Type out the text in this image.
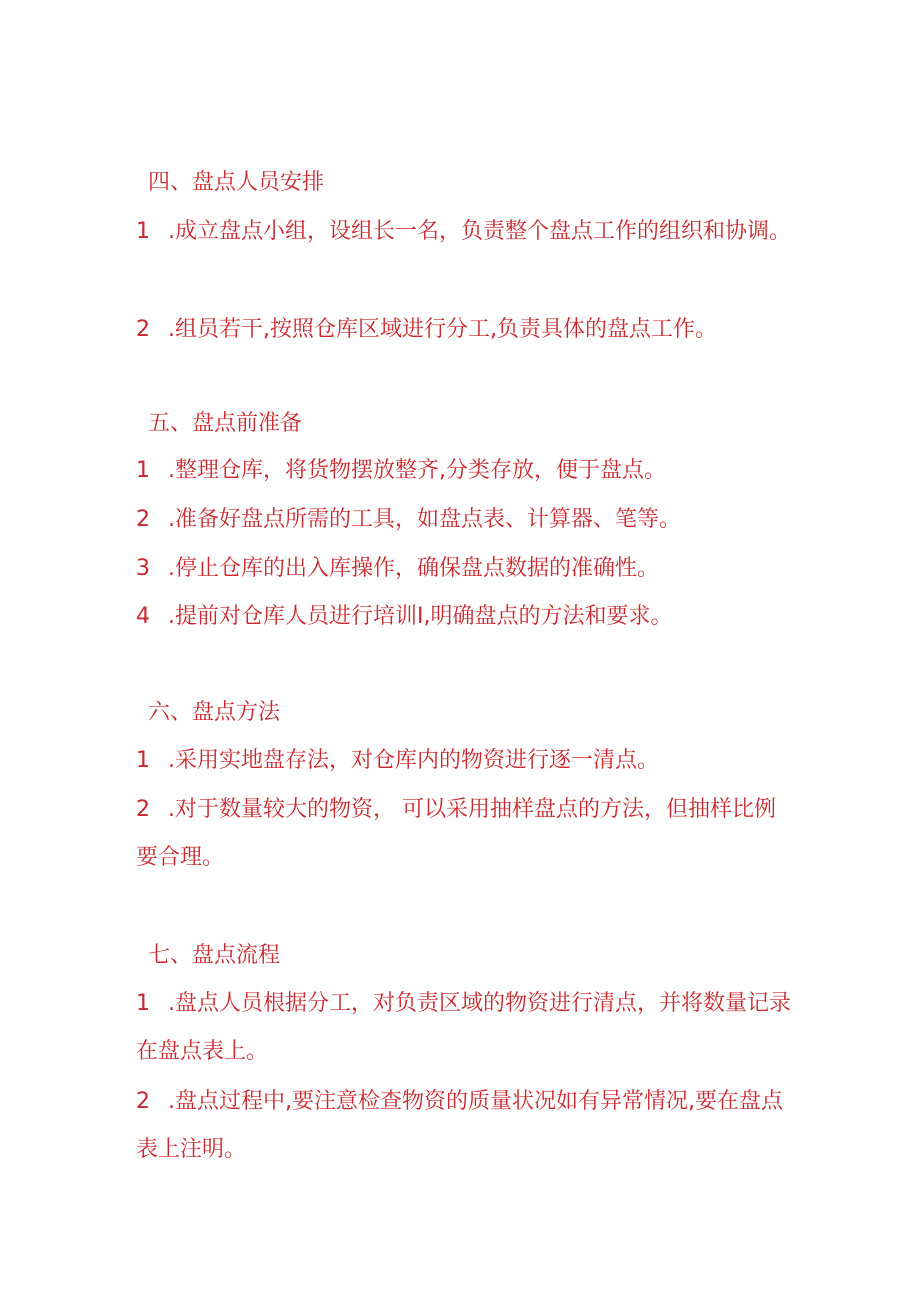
四、盘点人员安排
1 .成立盘点小组，设组长一名，负责整个盘点工作的组织和协调。
2 .组员若干,按照仓库区域进行分工,负责具体的盘点工作。
五、盘点前准备
1 .整理仓库，将货物摆放整齐,分类存放，便于盘点。
2 .准备好盘点所需的工具，如盘点表、计算器、笔等。
3 .停止仓库的出入库操作，确保盘点数据的准确性。
4 .提前对仓库人员进行培训I,明确盘点的方法和要求。
六、盘点方法
1 .采用实地盘存法，对仓库内的物资进行逐一清点。
2 .对于数量较大的物资， 可以采用抽样盘点的方法，但抽样比例要合理。
七、盘点流程
1 .盘点人员根据分工，对负责区域的物资进行清点，并将数量记录在盘点表上。
2 .盘点过程中,要注意检查物资的质量状况如有异常情况,要在盘点表上注明。
